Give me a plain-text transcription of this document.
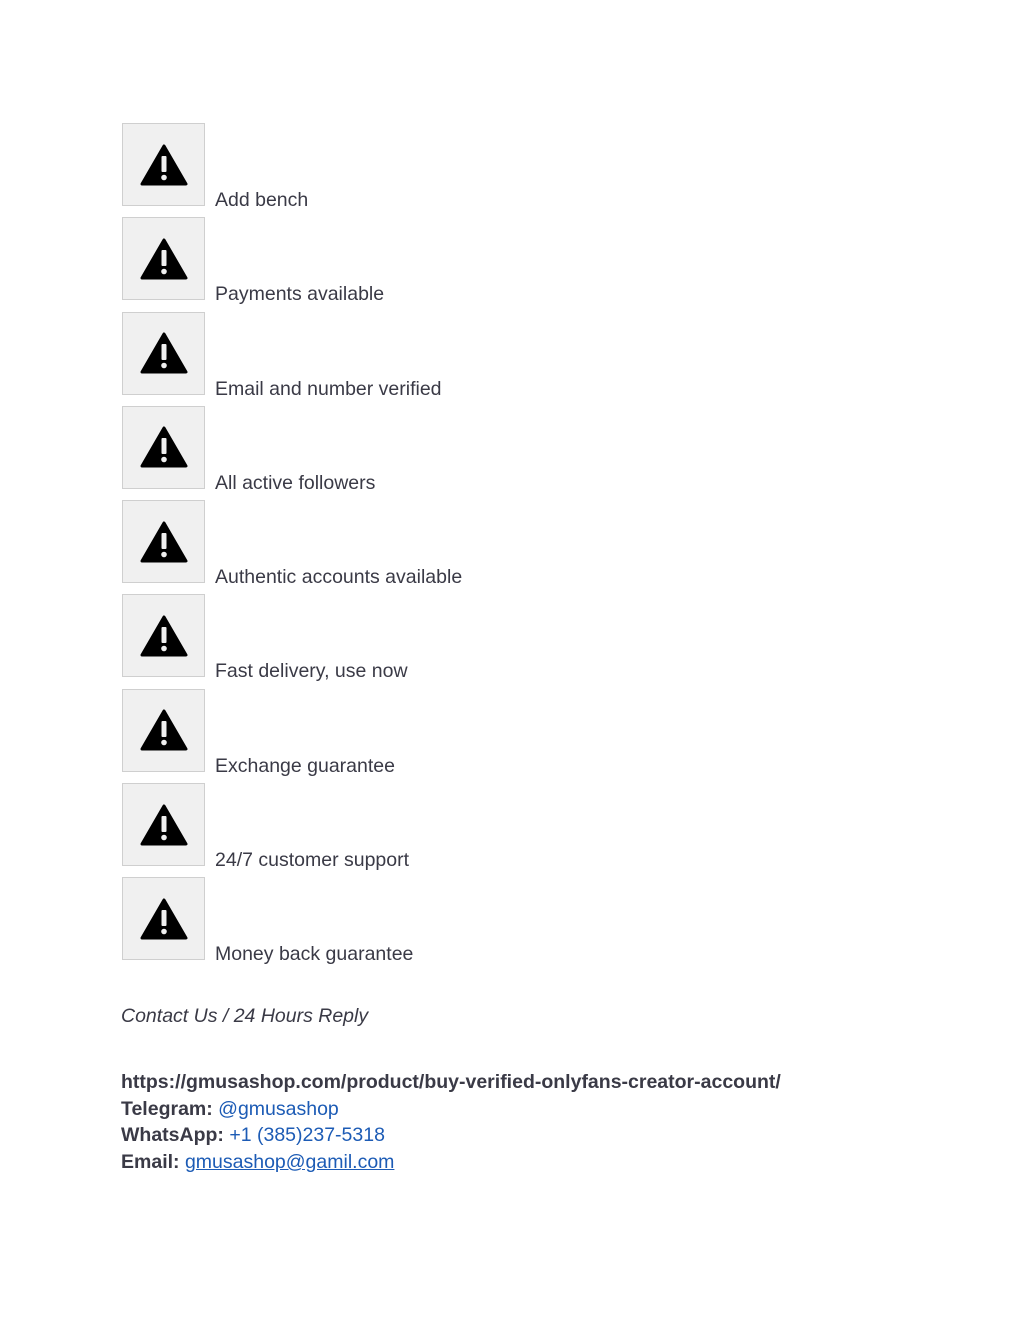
Add bench
Payments available
Email and number verified
All active followers
Authentic accounts available
Fast delivery, use now
Exchange guarantee
24/7 customer support
Money back guarantee
Contact Us / 24 Hours Reply
https://gmusashop.com/product/buy-verified-onlyfans-creator-account/
Telegram: @gmusashop
WhatsApp: +1 (385)237-5318
Email: gmusashop@gamil.com
